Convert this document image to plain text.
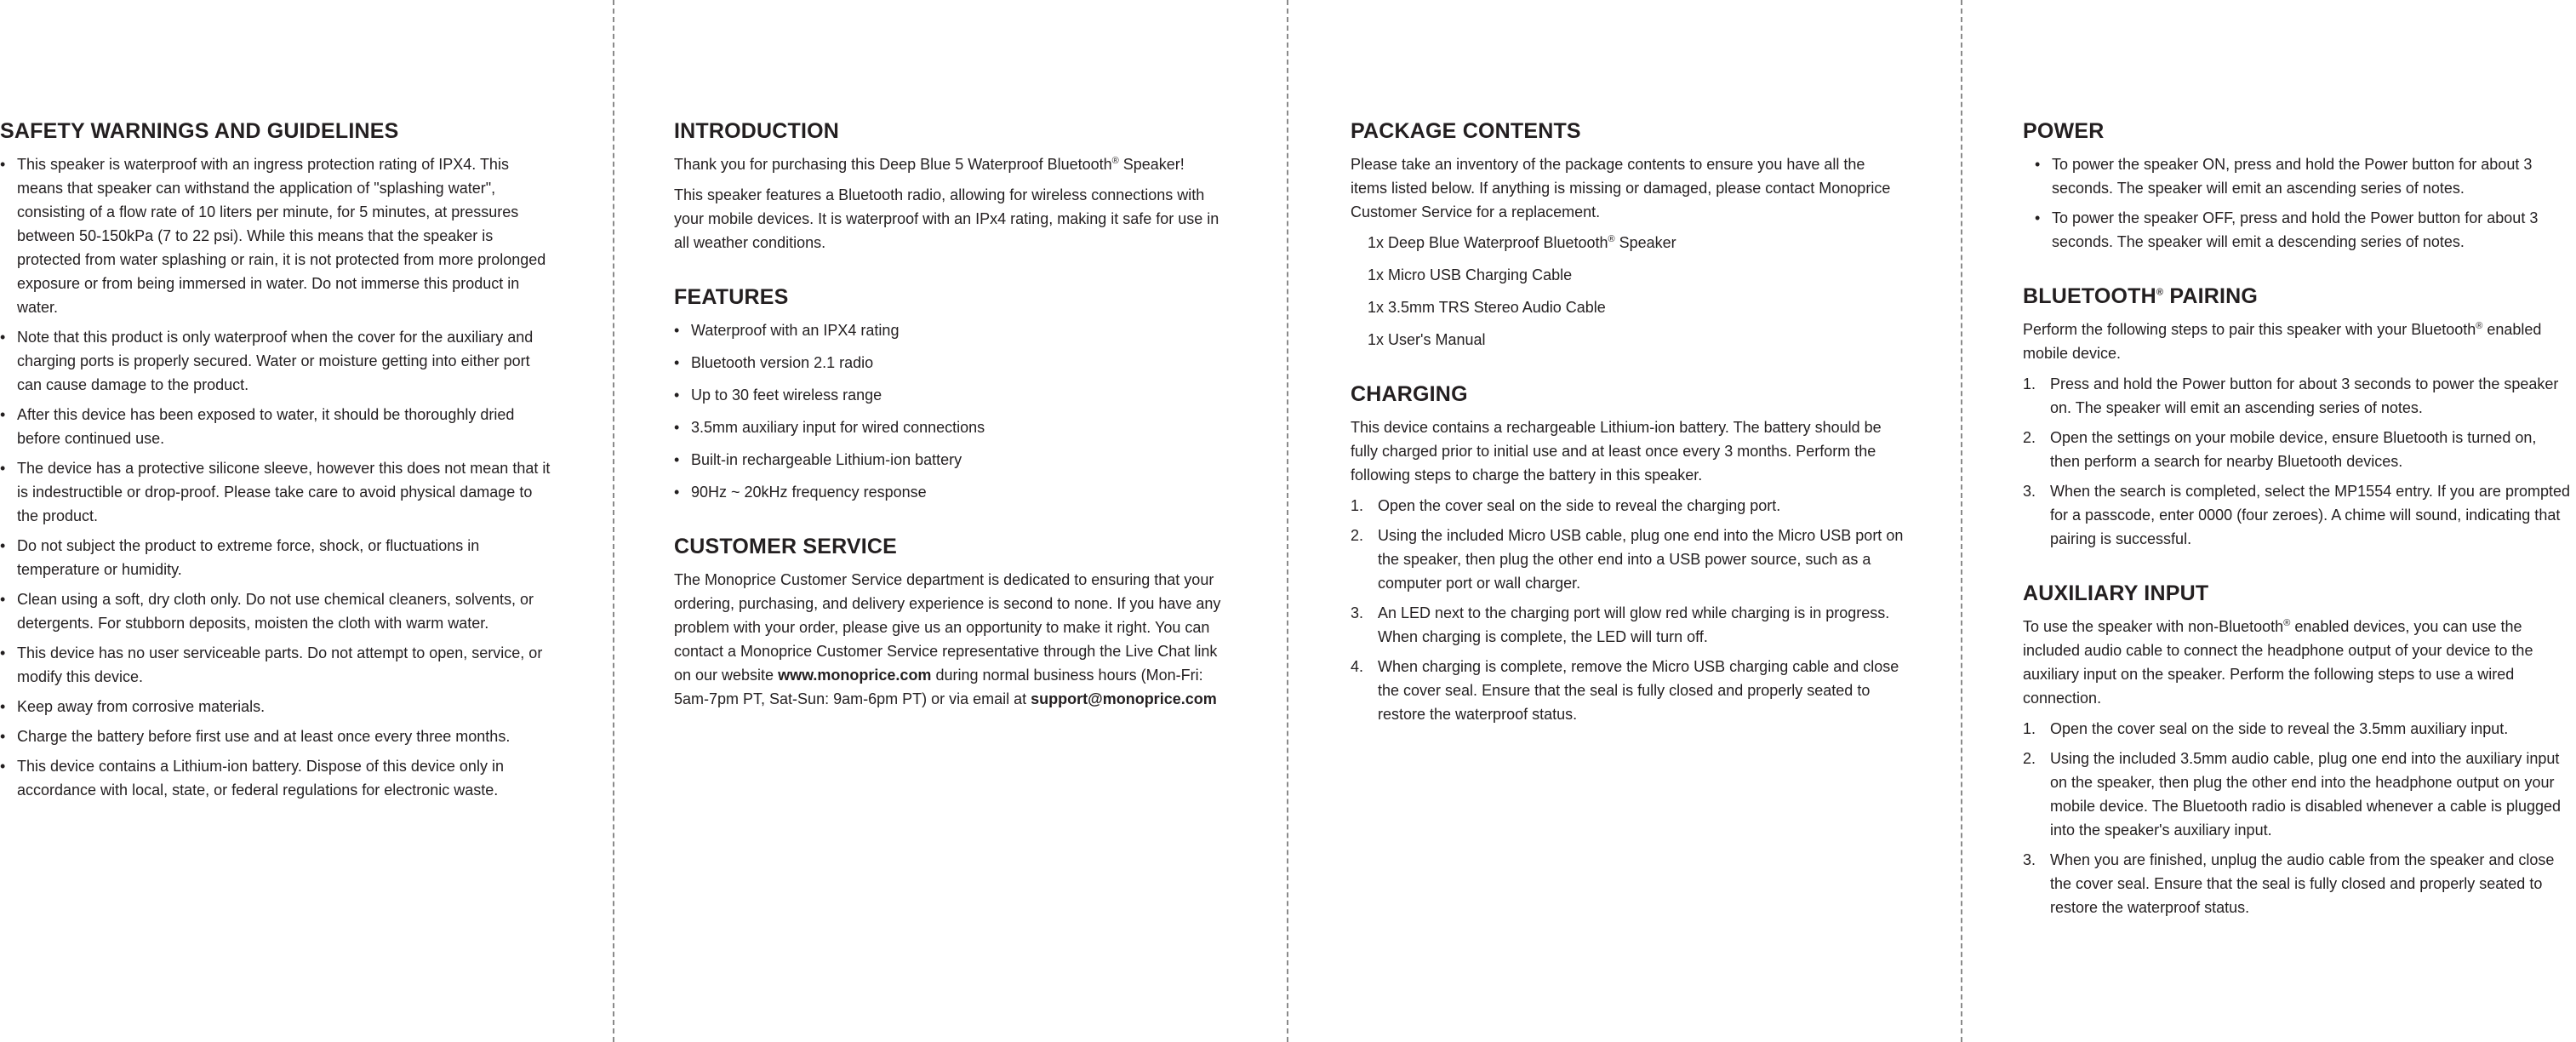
SAFETY WARNINGS AND GUIDELINES
• This speaker is waterproof with an ingress protection rating of IPX4. This means that speaker can withstand the application of "splashing water", consisting of a flow rate of 10 liters per minute, for 5 minutes, at pressures between 50-150kPa (7 to 22 psi). While this means that the speaker is protected from water splashing or rain, it is not protected from more prolonged exposure or from being immersed in water. Do not immerse this product in water.
• Note that this product is only waterproof when the cover for the auxiliary and charging ports is properly secured. Water or moisture getting into either port can cause damage to the product.
• After this device has been exposed to water, it should be thoroughly dried before continued use.
• The device has a protective silicone sleeve, however this does not mean that it is indestructible or drop-proof. Please take care to avoid physical damage to the product.
• Do not subject the product to extreme force, shock, or fluctuations in temperature or humidity.
• Clean using a soft, dry cloth only. Do not use chemical cleaners, solvents, or detergents. For stubborn deposits, moisten the cloth with warm water.
• This device has no user serviceable parts. Do not attempt to open, service, or modify this device.
• Keep away from corrosive materials.
• Charge the battery before first use and at least once every three months.
• This device contains a Lithium-ion battery. Dispose of this device only in accordance with local, state, or federal regulations for electronic waste.
INTRODUCTION

Thank you for purchasing this Deep Blue 5 Waterproof Bluetooth® Speaker!

This speaker features a Bluetooth radio, allowing for wireless connections with your mobile devices. It is waterproof with an IPx4 rating, making it safe for use in all weather conditions.

FEATURES
• Waterproof with an IPX4 rating
• Bluetooth version 2.1 radio
• Up to 30 feet wireless range
• 3.5mm auxiliary input for wired connections
• Built-in rechargeable Lithium-ion battery
• 90Hz ~ 20kHz frequency response
CUSTOMER SERVICE

The Monoprice Customer Service department is dedicated to ensuring that your ordering, purchasing, and delivery experience is second to none. If you have any problem with your order, please give us an opportunity to make it right. You can contact a Monoprice Customer Service representative through the Live Chat link on our website www.monoprice.com during normal business hours (Mon-Fri: 5am-7pm PT, Sat-Sun: 9am-6pm PT) or via email at support@monoprice.com

PACKAGE CONTENTS

Please take an inventory of the package contents to ensure you have all the items listed below. If anything is missing or damaged, please contact Monoprice Customer Service for a replacement.

1x Deep Blue Waterproof Bluetooth® Speaker
1x Micro USB Charging Cable
1x 3.5mm TRS Stereo Audio Cable
1x User's Manual
CHARGING

This device contains a rechargeable Lithium-ion battery. The battery should be fully charged prior to initial use and at least once every 3 months. Perform the following steps to charge the battery in this speaker.

1. Open the cover seal on the side to reveal the charging port.
2. Using the included Micro USB cable, plug one end into the Micro USB port on the speaker, then plug the other end into a USB power source, such as a computer port or wall charger.
3. An LED next to the charging port will glow red while charging is in progress. When charging is complete, the LED will turn off.
4. When charging is complete, remove the Micro USB charging cable and close the cover seal. Ensure that the seal is fully closed and properly seated to restore the waterproof status.
POWER
• To power the speaker ON, press and hold the Power button for about 3 seconds. The speaker will emit an ascending series of notes.
• To power the speaker OFF, press and hold the Power button for about 3 seconds. The speaker will emit a descending series of notes.
BLUETOOTH® PAIRING

Perform the following steps to pair this speaker with your Bluetooth® enabled mobile device.

1. Press and hold the Power button for about 3 seconds to power the speaker on. The speaker will emit an ascending series of notes.
2. Open the settings on your mobile device, ensure Bluetooth is turned on, then perform a search for nearby Bluetooth devices.
3. When the search is completed, select the MP1554 entry. If you are prompted for a passcode, enter 0000 (four zeroes). A chime will sound, indicating that pairing is successful.
AUXILIARY INPUT

To use the speaker with non-Bluetooth® enabled devices, you can use the included audio cable to connect the headphone output of your device to the auxiliary input on the speaker. Perform the following steps to use a wired connection.

1. Open the cover seal on the side to reveal the 3.5mm auxiliary input.
2. Using the included 3.5mm audio cable, plug one end into the auxiliary input on the speaker, then plug the other end into the headphone output on your mobile device. The Bluetooth radio is disabled whenever a cable is plugged into the speaker's auxiliary input.
3. When you are finished, unplug the audio cable from the speaker and close the cover seal. Ensure that the seal is fully closed and properly seated to restore the waterproof status.
